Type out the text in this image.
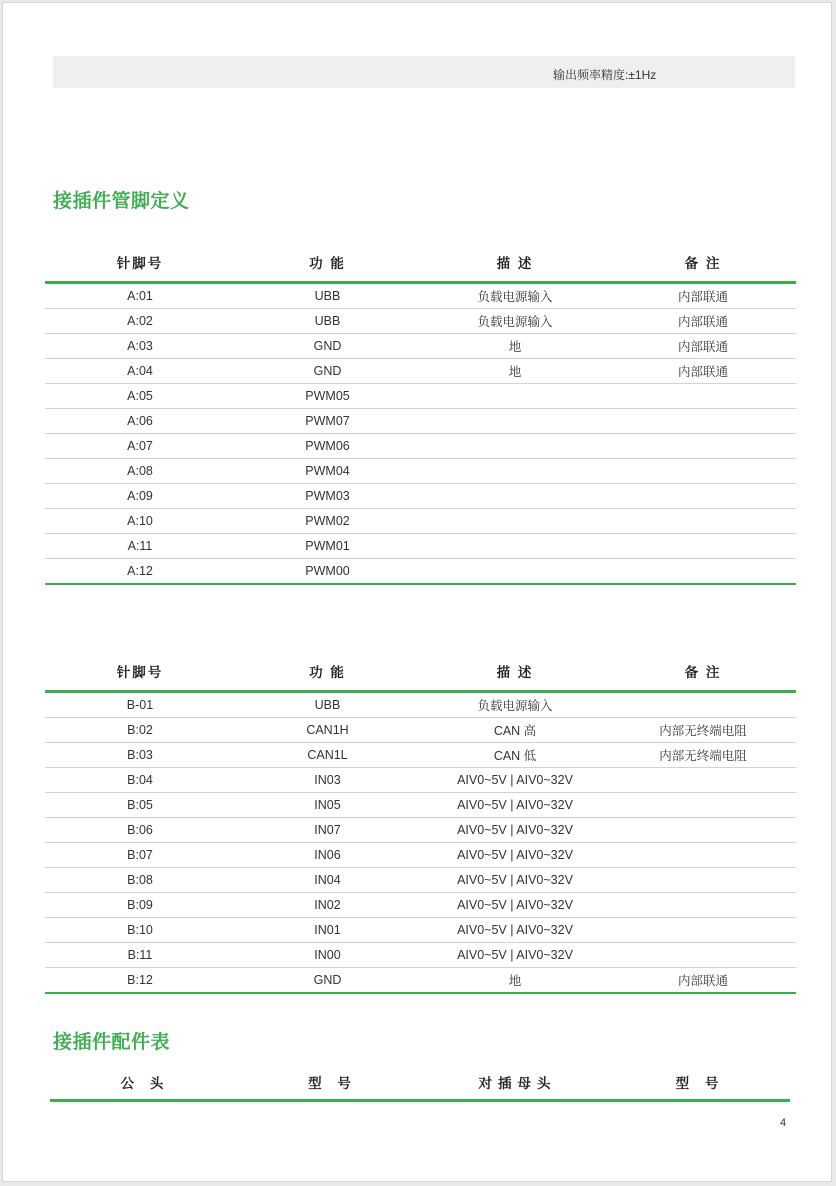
输出频率精度:±1Hz
接插件管脚定义
针脚号	功 能	描 述	备 注
A:01	UBB	负载电源输入	内部联通
A:02	UBB	负载电源输入	内部联通
A:03	GND	地	内部联通
A:04	GND	地	内部联通
A:05	PWM05		
A:06	PWM07		
A:07	PWM06		
A:08	PWM04		
A:09	PWM03		
A:10	PWM02		
A:11	PWM01		
A:12	PWM00		
针脚号	功 能	描 述	备 注
B-01	UBB	负载电源输入	
B:02	CAN1H	CAN 高	内部无终端电阻
B:03	CAN1L	CAN 低	内部无终端电阻
B:04	IN03	AIV0~5V | AIV0~32V	
B:05	IN05	AIV0~5V | AIV0~32V	
B:06	IN07	AIV0~5V | AIV0~32V	
B:07	IN06	AIV0~5V | AIV0~32V	
B:08	IN04	AIV0~5V | AIV0~32V	
B:09	IN02	AIV0~5V | AIV0~32V	
B:10	IN01	AIV0~5V | AIV0~32V	
B:11	IN00	AIV0~5V | AIV0~32V	
B:12	GND	地	内部联通
接插件配件表
公 头	型 号	对插母头	型 号
4
